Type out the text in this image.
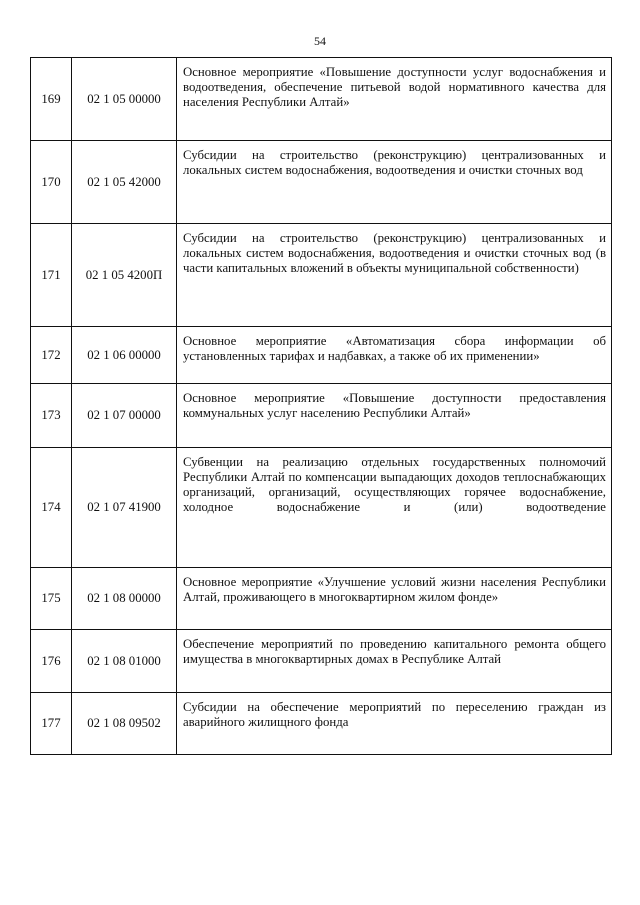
54
169	02 1 05 00000	Основное мероприятие «Повышение доступности услуг водоснабжения и водоотведения, обеспечение питьевой водой нормативного качества для населения Республики Алтай»
170	02 1 05 42000	Субсидии на строительство (реконструкцию) централизованных и локальных систем водоснабжения, водоотведения и очистки сточных вод
171	02 1 05 4200П	Субсидии на строительство (реконструкцию) централизованных и локальных систем водоснабжения, водоотведения и очистки сточных вод (в части капитальных вложений в объекты муниципальной собственности)
172	02 1 06 00000	Основное мероприятие «Автоматизация сбора информации об установленных тарифах и надбавках, а также об их применении»
173	02 1 07 00000	Основное мероприятие «Повышение доступности предоставления коммунальных услуг населению Республики Алтай»
174	02 1 07 41900	Субвенции на реализацию отдельных государственных полномочий Республики Алтай по компенсации выпадающих доходов теплоснабжающих организаций, организаций, осуществляющих горячее водоснабжение, холодное водоснабжение и (или) водоотведение
175	02 1 08 00000	Основное мероприятие «Улучшение условий жизни населения Республики Алтай, проживающего в многоквартирном жилом фонде»
176	02 1 08 01000	Обеспечение мероприятий по проведению капитального ремонта общего имущества в многоквартирных домах в Республике Алтай
177	02 1 08 09502	Субсидии на обеспечение мероприятий по переселению граждан из аварийного жилищного фонда
